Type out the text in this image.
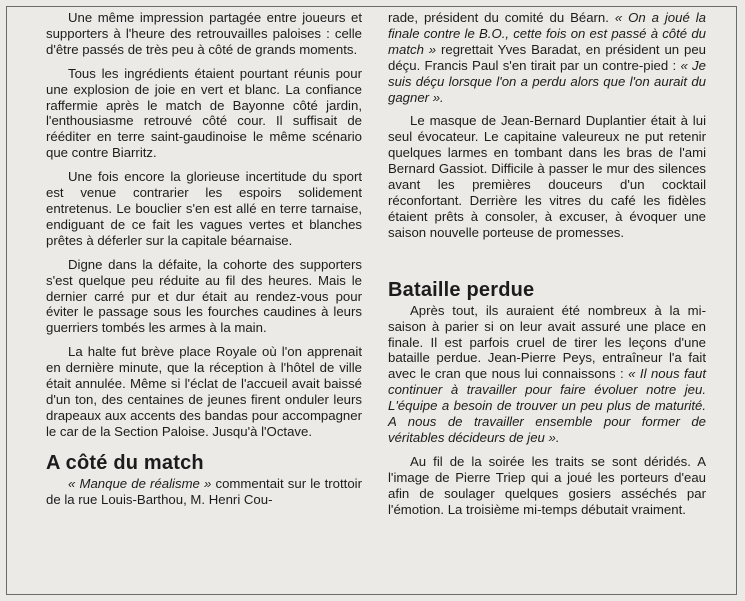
Une même impression partagée entre joueurs et supporters à l'heure des retrouvailles paloises : celle d'être passés de très peu à côté de grands moments.

Tous les ingrédients étaient pourtant réunis pour une explosion de joie en vert et blanc. La confiance raffermie après le match de Bayonne côté jardin, l'enthousiasme retrouvé côté cour. Il suffisait de rééditer en terre saint-gaudinoise le même scénario que contre Biarritz.

Une fois encore la glorieuse incertitude du sport est venue contrarier les espoirs solidement entretenus. Le bouclier s'en est allé en terre tarnaise, endiguant de ce fait les vagues vertes et blanches prêtes à déferler sur la capitale béarnaise.

Digne dans la défaite, la cohorte des supporters s'est quelque peu réduite au fil des heures. Mais le dernier carré pur et dur était au rendez-vous pour éviter le passage sous les fourches caudines à leurs guerriers tombés les armes à la main.

La halte fut brève place Royale où l'on apprenait en dernière minute, que la réception à l'hôtel de ville était annulée. Même si l'éclat de l'accueil avait baissé d'un ton, des centaines de jeunes firent onduler leurs drapeaux aux accents des bandas pour accompagner le car de la Section Paloise. Jusqu'à l'Octave.

A côté du match

« Manque de réalisme » commentait sur le trottoir de la rue Louis-Barthou, M. Henri Cou-

rade, président du comité du Béarn. « On a joué la finale contre le B.O., cette fois on est passé à côté du match » regrettait Yves Baradat, en président un peu déçu. Francis Paul s'en tirait par un contre-pied : « Je suis déçu lorsque l'on a perdu alors que l'on aurait du gagner ».

Le masque de Jean-Bernard Duplantier était à lui seul évocateur. Le capitaine valeureux ne put retenir quelques larmes en tombant dans les bras de l'ami Bernard Gassiot. Difficile à passer le mur des silences avant les premières douceurs d'un cocktail réconfortant. Derrière les vitres du café les fidèles étaient prêts à consoler, à excuser, à évoquer une saison nouvelle porteuse de promesses.

Bataille perdue

Après tout, ils auraient été nombreux à la mi-saison à parier si on leur avait assuré une place en finale. Il est parfois cruel de tirer les leçons d'une bataille perdue. Jean-Pierre Peys, entraîneur l'a fait avec le cran que nous lui connaissons : « Il nous faut continuer à travailler pour faire évoluer notre jeu. L'équipe a besoin de trouver un peu plus de maturité. A nous de travailler ensemble pour former de véritables décideurs de jeu ».

Au fil de la soirée les traits se sont déridés. A l'image de Pierre Triep qui a joué les porteurs d'eau afin de soulager quelques gosiers asséchés par l'émotion. La troisième mi-temps débutait vraiment.
